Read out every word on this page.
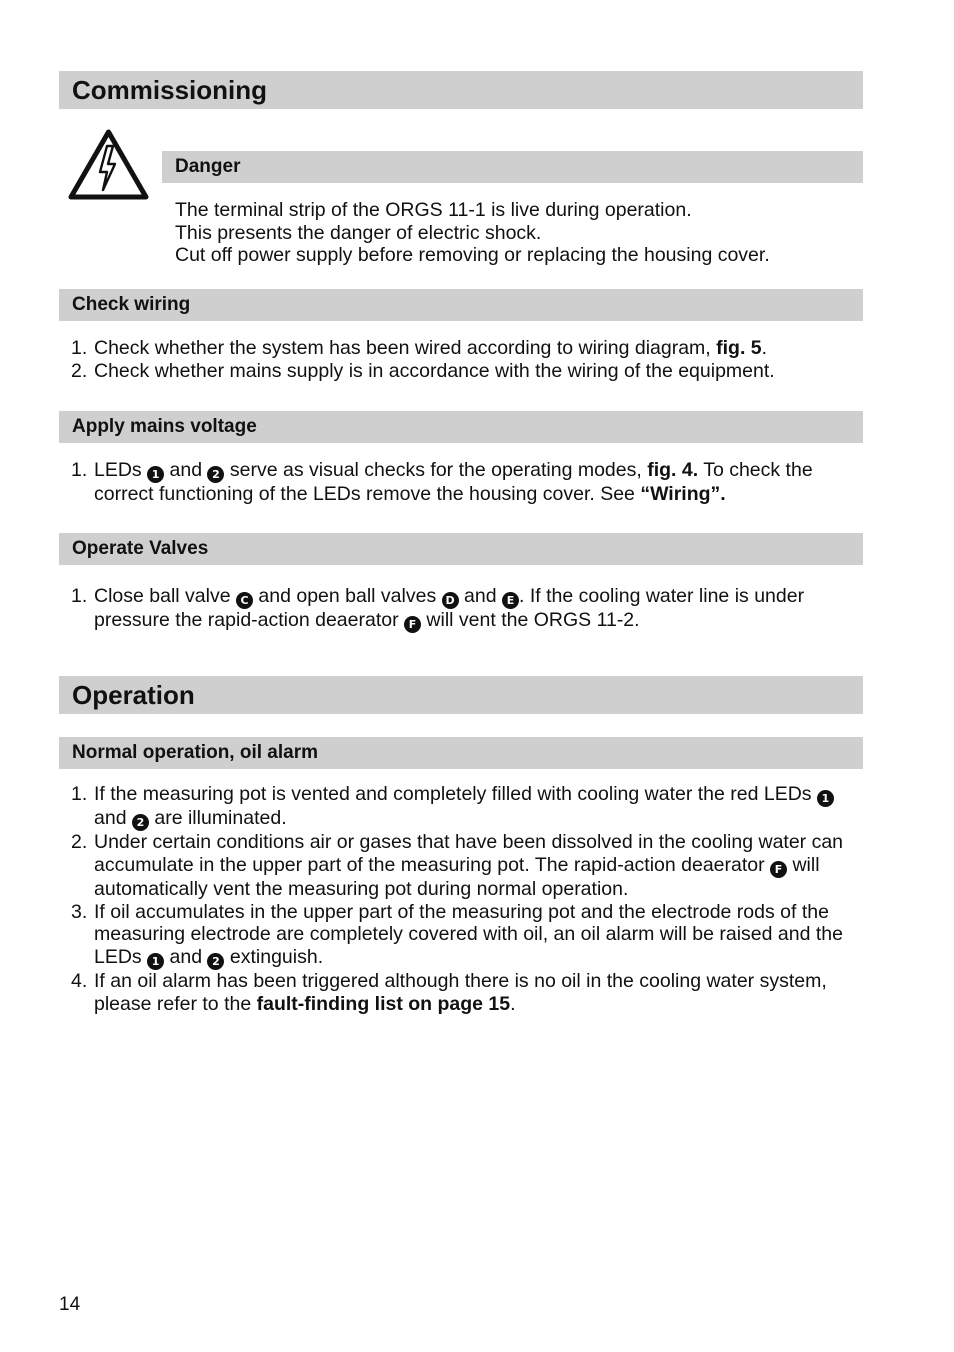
Commissioning
Danger
The terminal strip of the ORGS 11-1 is live during operation.
This presents the danger of electric shock.
Cut off power supply before removing or replacing the housing cover.
Check wiring
1. Check whether the system has been wired according to wiring diagram, fig. 5.
2. Check whether mains supply is in accordance with the wiring of the equipment.
Apply mains voltage
1. LEDs 1 and 2 serve as visual checks for the operating modes, fig. 4. To check the correct functioning of the LEDs remove the housing cover. See “Wiring”.
Operate Valves
1. Close ball valve C and open ball valves D and E . If the cooling water line is under pressure the rapid-action deaerator F will vent the ORGS 11-2.
Operation
Normal operation, oil alarm
1. If the measuring pot is vented and completely filled with cooling water the red LEDs 1 and 2 are illuminated.
2. Under certain conditions air or gases that have been dissolved in the cooling water can accumulate in the upper part of the measuring pot. The rapid-action deaerator F will automatically vent the measuring pot during normal operation.
3. If oil accumulates in the upper part of the measuring pot and the electrode rods of the measuring electrode are completely covered with oil, an oil alarm will be raised and the LEDs 1 and 2 extinguish.
4. If an oil alarm has been triggered although there is no oil in the cooling water system, please refer to the fault-finding list on page 15.
14
